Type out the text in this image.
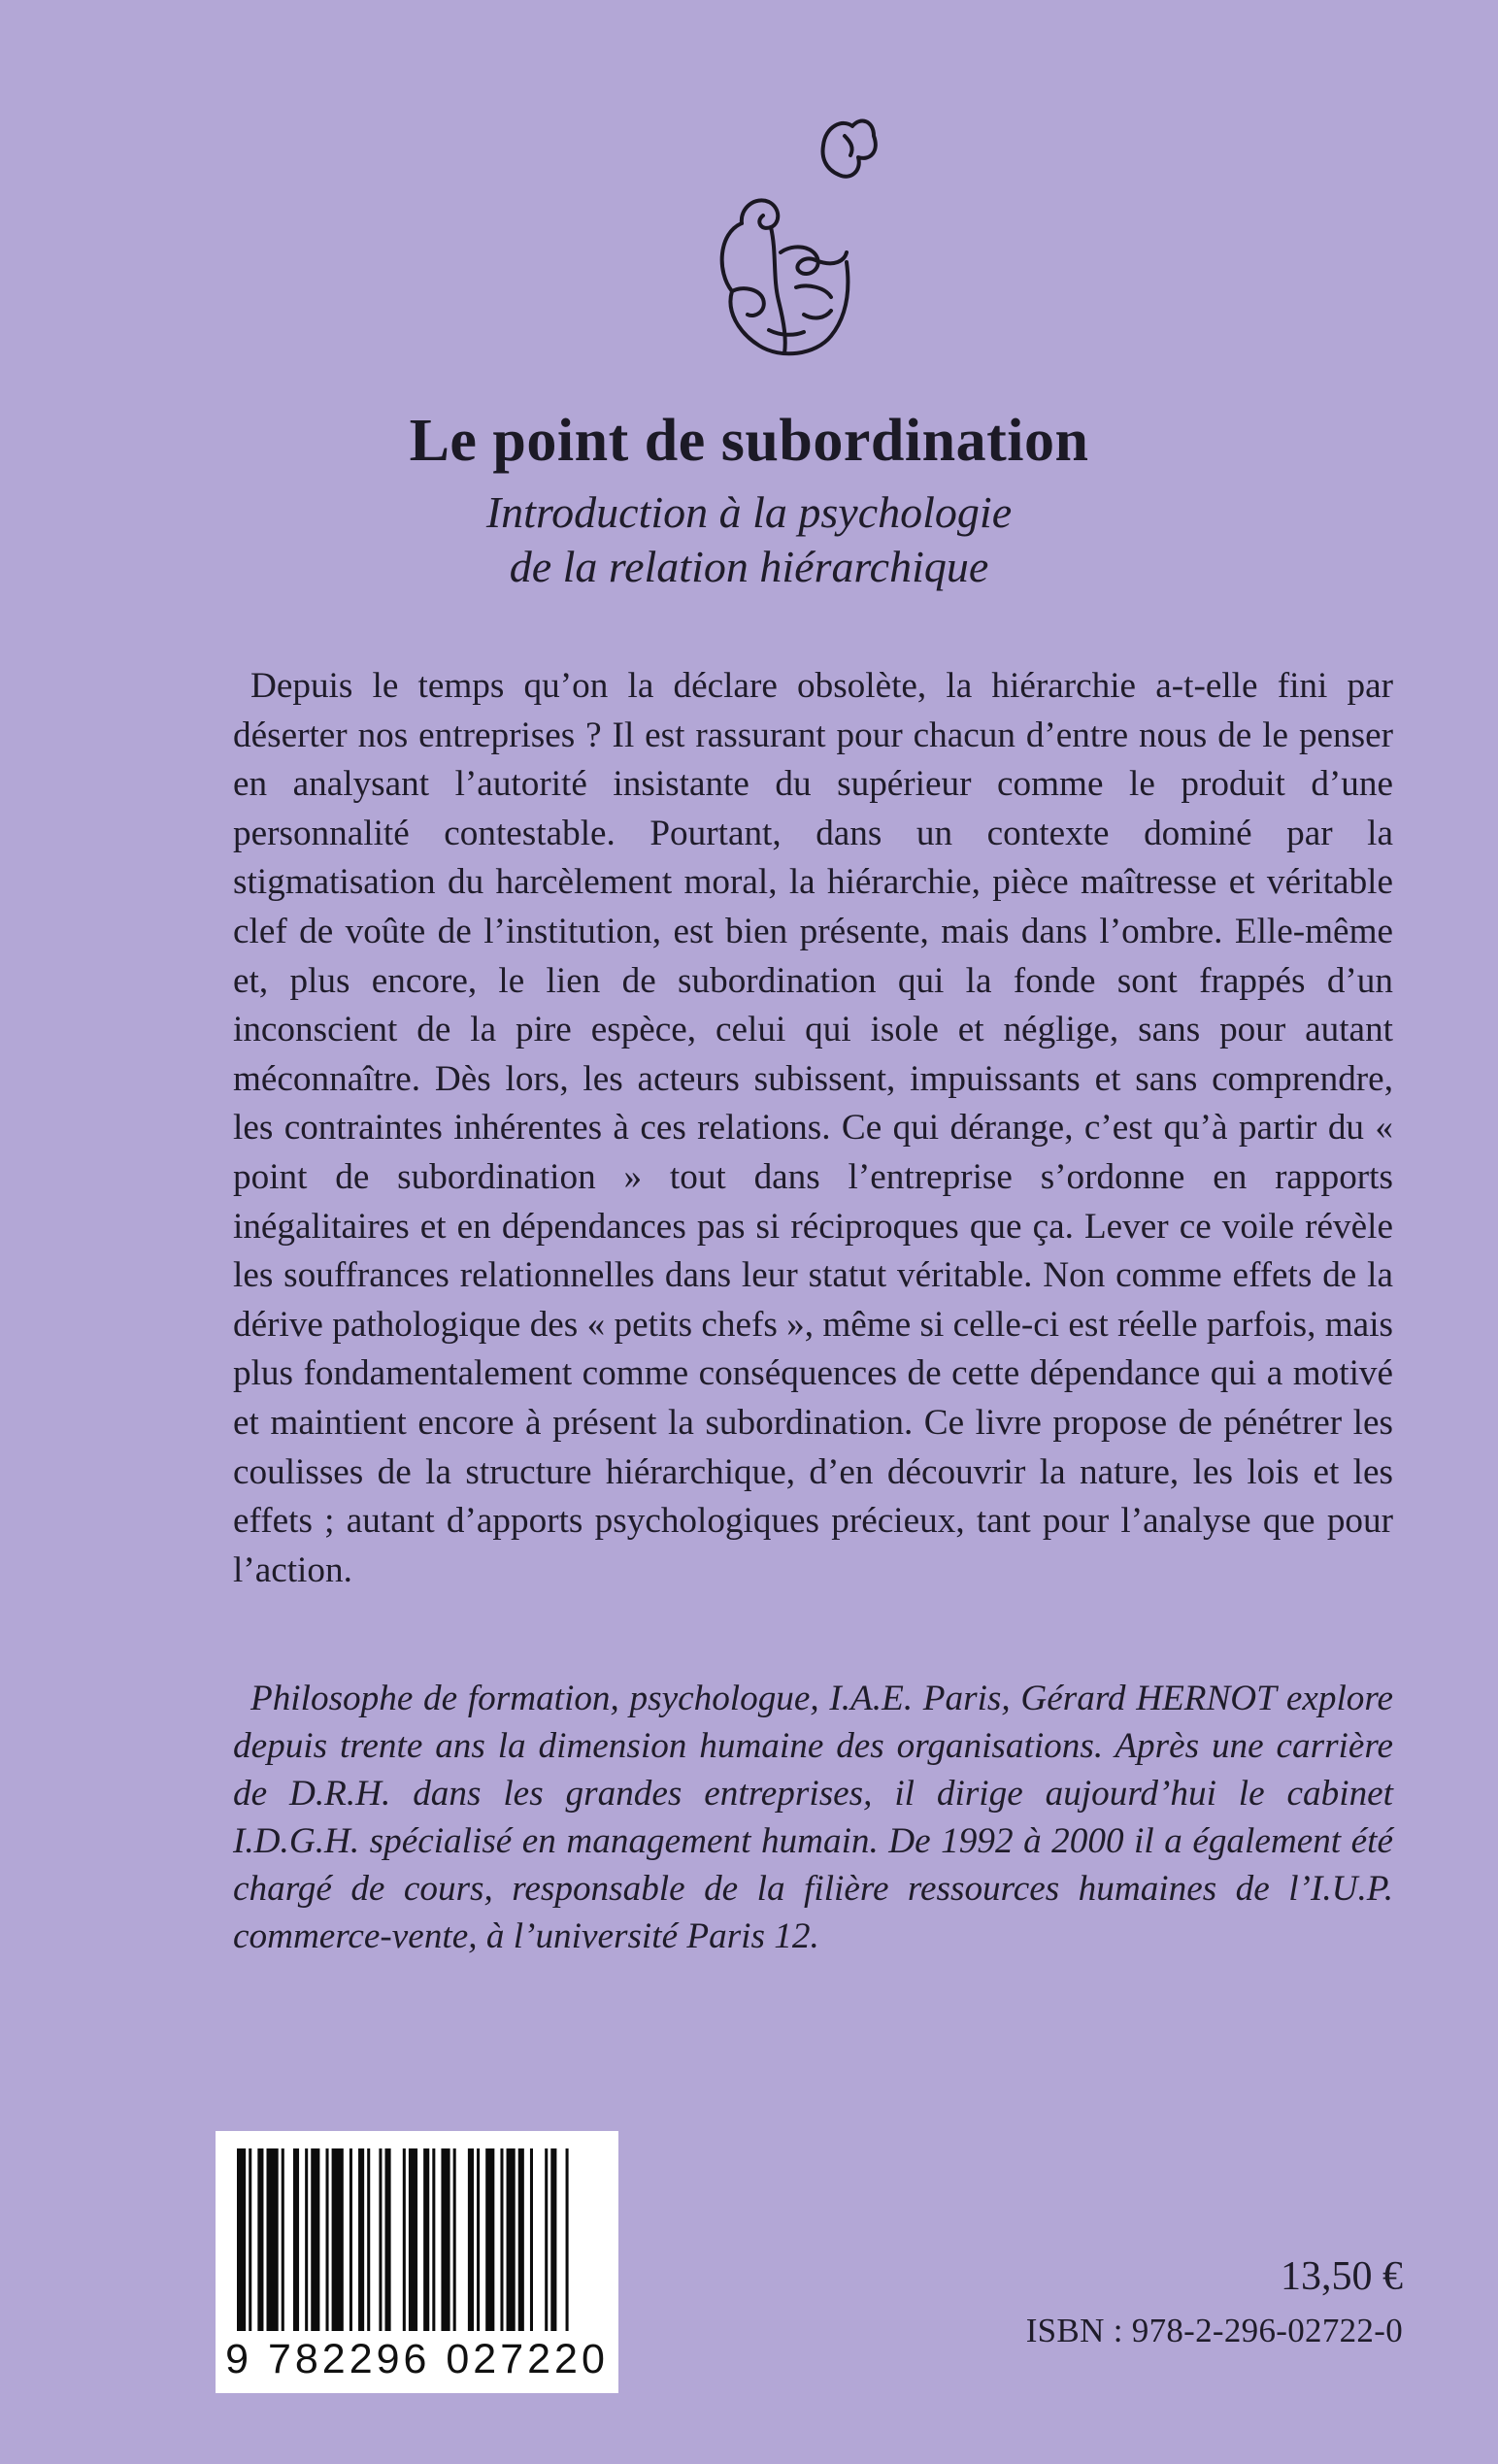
Le point de subordination
Introduction à la psychologie
de la relation hiérarchique

Depuis le temps qu’on la déclare obsolète, la hiérarchie a-t-elle fini par déserter nos entreprises ? Il est rassurant pour chacun d’entre nous de le penser en analysant l’autorité insistante du supérieur comme le produit d’une personnalité contestable. Pourtant, dans un contexte dominé par la stigmatisation du harcèlement moral, la hiérarchie, pièce maîtresse et véritable clef de voûte de l’institution, est bien présente, mais dans l’ombre. Elle-même et, plus encore, le lien de subordination qui la fonde sont frappés d’un inconscient de la pire espèce, celui qui isole et néglige, sans pour autant méconnaître. Dès lors, les acteurs subissent, impuissants et sans comprendre, les contraintes inhérentes à ces relations. Ce qui dérange, c’est qu’à partir du « point de subordination » tout dans l’entreprise s’ordonne en rapports inégalitaires et en dépendances pas si réciproques que ça. Lever ce voile révèle les souffrances relationnelles dans leur statut véritable. Non comme effets de la dérive pathologique des « petits chefs », même si celle-ci est réelle parfois, mais plus fondamentalement comme conséquences de cette dépendance qui a motivé et maintient encore à présent la subordination. Ce livre propose de pénétrer les coulisses de la structure hiérarchique, d’en découvrir la nature, les lois et les effets ; autant d’apports psychologiques précieux, tant pour l’analyse que pour l’action.

Philosophe de formation, psychologue, I.A.E. Paris, Gérard HERNOT explore depuis trente ans la dimension humaine des organisations. Après une carrière de D.R.H. dans les grandes entreprises, il dirige aujourd’hui le cabinet I.D.G.H. spécialisé en management humain. De 1992 à 2000 il a également été chargé de cours, responsable de la filière ressources humaines de l’I.U.P. commerce-vente, à l’université Paris 12.

9 782296 027220

13,50 €

ISBN : 978-2-296-02722-0
